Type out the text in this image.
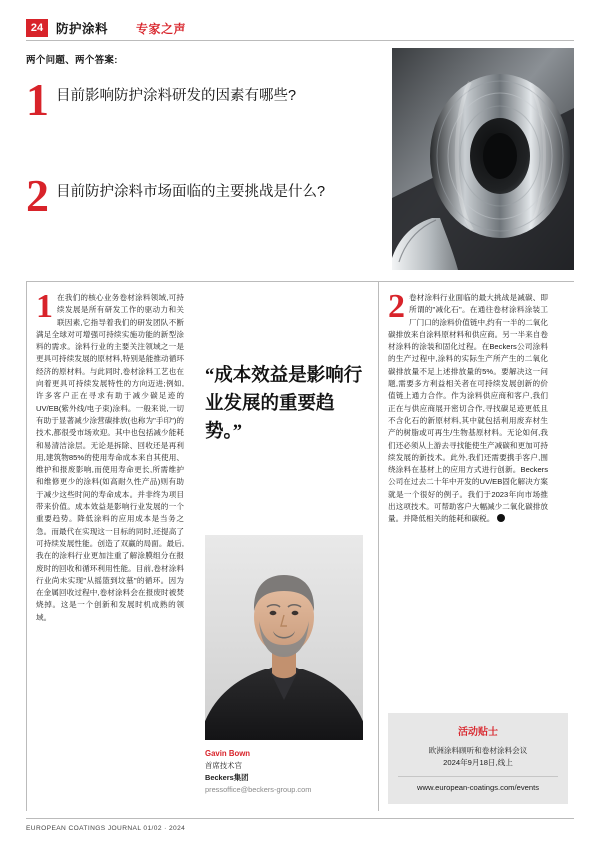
24	防护涂料 专家之声
两个问题、两个答案:
1 目前影响防护涂料研发的因素有哪些?
2 目前防护涂料市场面临的主要挑战是什么?
1 在我们的核心业务卷材涂料领域,可持续发展是所有研发工作的驱动力和关联因素,它指导着我们的研发团队不断满足全球对可增强可持续实施功能的新型涂料的需求。涂料行业的主要关注领域之一是更具可持续发展的原材料,特别是能推动循环经济的原材料。与此同时,卷材涂料工艺也在向着更具可持续发展特性的方向迈进;例如,许多客户正在寻求有助于减少碳足迹的UV/EB(紫外线/电子束)涂料。一般来说,一切有助于显著减少涂营碳排放(也称为"手印")的技术,都很受市场欢迎。其中也包括减少能耗和易清洁涂层。无论是拆除、回收还是再利用,建筑物85%的使用寿命成本来自其使用、维护和报废影响,而使用寿命更长,所需维护和维修更少的涂料(如高耐久性产品)则有助于减少这些时间的寿命成本。并非终为项目带来价值。成本效益是影响行业发展的一个重要趋势。降低涂料的应用成本是当务之急。而最代在实现这一目标的同时,还提高了可持续发展性能。创造了双赢的局面。最后,我在的涂料行业更加注重了解涂膜组分在报废时的回收和循环利用性能。目前,卷材涂料行业尚未实现"从摇篮到坟墓"的循环。因为在金属回收过程中,卷材涂料会在报废时被焚烧掉。这是一个创新和发展时机成熟的领域。
“成本效益是影响行业发展的重要趋势。”
Gavin Bown
首席技术官
Beckers集团
pressoffice@beckers-group.com
2 卷材涂料行业面临的最大挑战是减碳、即所谓的"减化石"。在通往卷材涂料涂装工厂门口的涂料价值链中,约有一半的二氧化碳排放来自涂料原材料和供应商。另一半来自卷材涂料的涂装和固化过程。在Beckers公司涂料的生产过程中,涂料的实际生产所产生的二氧化碳排放量不足上述排放量的5%。要解决这一问题,需要多方利益相关者在可持续发展创新的价值链上通力合作。作为涂料供应商和客户,我们正在与供应商展开密切合作,寻找碳足迹更低且不含化石的新原材料,其中就包括利用废弃材生产的树脂或可再生/生物基原材料。无论如何,我们还必须从上游去寻找能使生产减碳和更加可持续发展的新技术。此外,我们还需要携手客户,围绕涂料在基材上的应用方式进行创新。Beckers公司在过去二十年中开发的UV/EB固化解决方案就是一个很好的例子。我们于2023年向市场推出这项技术。可帮助客户大幅减少二氧化碳排放量。并降低相关的能耗和碳税。
活动贴士
欧洲涂料顾听和卷材涂料会议
2024年9月18日,线上
www.european-coatings.com/events
EUROPEAN COATINGS JOURNAL 01/02 · 2024
